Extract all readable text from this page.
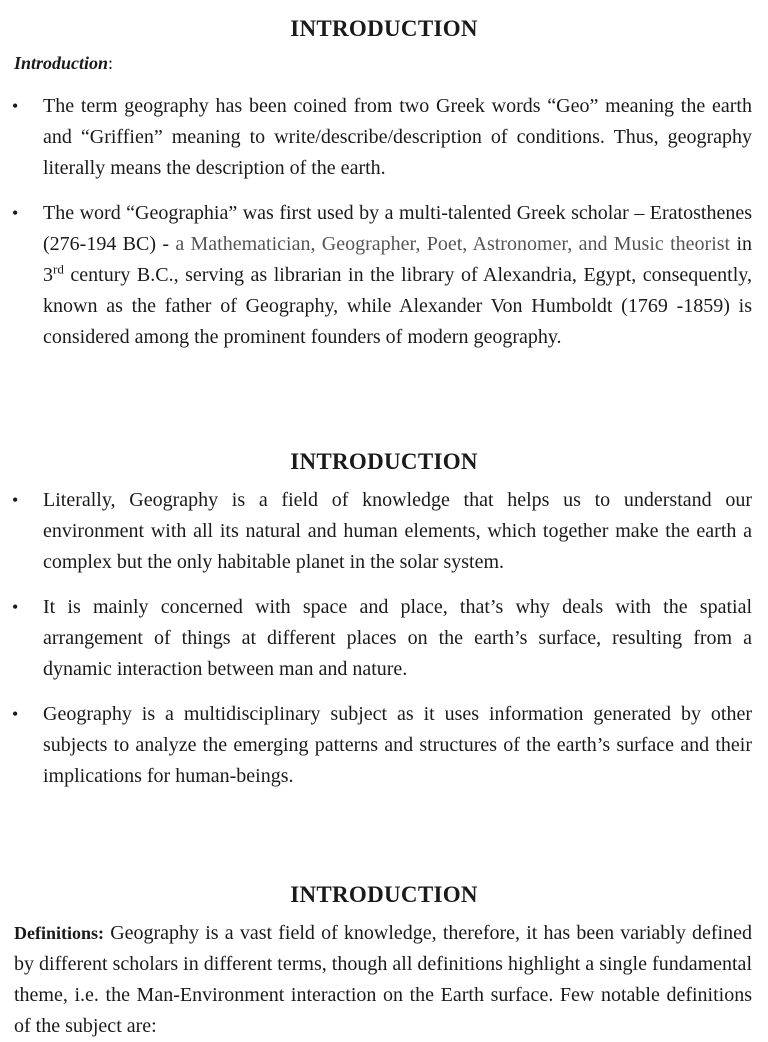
INTRODUCTION
Introduction:
• The term geography has been coined from two Greek words “Geo” meaning the earth and “Griffien” meaning to write/describe/description of conditions. Thus, geography literally means the description of the earth.
• The word “Geographia” was first used by a multi-talented Greek scholar – Eratosthenes (276-194 BC) - a Mathematician, Geographer, Poet, Astronomer, and Music theorist in 3rd century B.C., serving as librarian in the library of Alexandria, Egypt, consequently, known as the father of Geography, while Alexander Von Humboldt (1769 -1859) is considered among the prominent founders of modern geography.
INTRODUCTION
• Literally, Geography is a field of knowledge that helps us to understand our environment with all its natural and human elements, which together make the earth a complex but the only habitable planet in the solar system.
• It is mainly concerned with space and place, that’s why deals with the spatial arrangement of things at different places on the earth’s surface, resulting from a dynamic interaction between man and nature.
• Geography is a multidisciplinary subject as it uses information generated by other subjects to analyze the emerging patterns and structures of the earth’s surface and their implications for human-beings.
INTRODUCTION

Definitions: Geography is a vast field of knowledge, therefore, it has been variably defined by different scholars in different terms, though all definitions highlight a single fundamental theme, i.e. the Man-Environment interaction on the Earth surface. Few notable definitions of the subject are:
